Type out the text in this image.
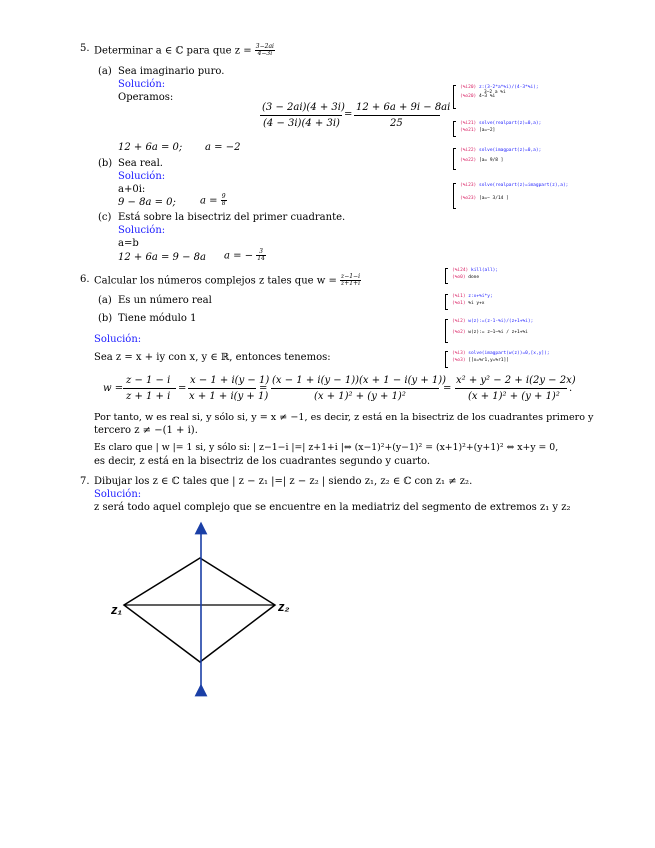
5. Determinar a ∈ ℂ para que $z = \frac{3-2ai}{4-3i}$
(a) Sea imaginario puro.
Solución:
Operamos:
(3 − 2ai)(4 + 3i)
(4 − 3i)(4 + 3i)
=
12 + 6a + 9i − 8ai
25
12 + 6a = 0; a = −2
(b) Sea real.
Solución:
a+0i:
9 − 8a = 0; $a = \frac{9}{8}$
(c) Está sobre la bisectriz del primer cuadrante.
Solución:
a=b
12 + 6a = 9 − 8a a = − $\frac{3}{14}$
6. Calcular los números complejos z tales que $w = \frac{z-1-i}{z+1+i}$
(a) Es un número real
(b) Tiene módulo 1
Solución:
Sea z = x + iy con x, y ∈ ℝ, entonces tenemos:
w =
z − 1 − i
z + 1 + i
=
x − 1 + i(y − 1)
x + 1 + i(y + 1)
=
(x − 1 + i(y − 1))(x + 1 − i(y + 1))
(x + 1)² + (y + 1)²
=
x² + y² − 2 + i(2y − 2x)
(x + 1)² + (y + 1)²
.
Por tanto, w es real si, y sólo si, y = x ≠ −1, es decir, z está en la bisectriz de los cuadrantes primero y
tercero z ≠ −(1 + i).
Es claro que | w |= 1 si, y sólo si: | z−1−i |=| z+1+i |⇔ (x−1)²+(y−1)² = (x+1)²+(y+1)² ⇔ x+y = 0,
es decir, z está en la bisectriz de los cuadrantes segundo y cuarto.
7. Dibujar los z ∈ ℂ tales que | z − z₁ |=| z − z₂ | siendo z₁, z₂ ∈ ℂ con z₁ ≠ z₂.
Solución:
z será todo aquel complejo que se encuentre en la mediatriz del segmento de extremos z₁ y z₂
z₁	z₂
(%i20) z:(3-2*a*%i)/(4-3*%i);
3−2 a %i
(%o20) 4−3 %i
(%i21) solve(realpart(z)=0,a);
(%o21) [a=−2]
(%i22) solve(imagpart(z)=0,a);
(%o22) [a= 9/8 ]
(%i23) solve(realpart(z)=imagpart(z),a);
(%o23) [a=− 3/14 ]
(%i24) kill(all);
(%o0) done
(%i1) z:x+%i*y;
(%o1) %i y+x
(%i2) w(z):=(z-1-%i)/(z+1+%i);
(%o2) w(z):= z−1−%i / z+1+%i
(%i3) solve(imagpart(w(z))=0,[x,y]);
(%o3) [[x=%r1,y=%r1]]
